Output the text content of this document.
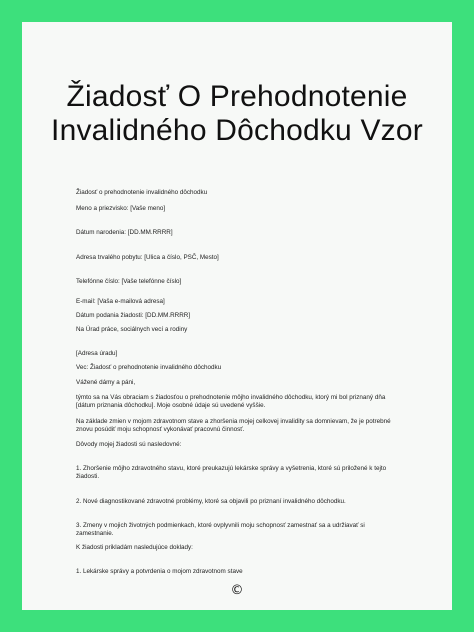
Žiadosť O Prehodnotenie
Invalidného Dôchodku Vzor

Žiadosť o prehodnotenie invalidného dôchodku

Meno a priezvisko: [Vaše meno]

Dátum narodenia: [DD.MM.RRRR]

Adresa trvalého pobytu: [Ulica a číslo, PSČ, Mesto]

Telefónne číslo: [Vaše telefónne číslo]

E-mail: [Vaša e-mailová adresa]

Dátum podania žiadosti: [DD.MM.RRRR]

Na Úrad práce, sociálnych vecí a rodiny

[Adresa úradu]

Vec: Žiadosť o prehodnotenie invalidného dôchodku

Vážené dámy a páni,

týmto sa na Vás obraciam s žiadosťou o prehodnotenie môjho invalidného dôchodku, ktorý mi bol priznaný dňa [dátum priznania dôchodku]. Moje osobné údaje sú uvedené vyššie.

Na základe zmien v mojom zdravotnom stave a zhoršenia mojej celkovej invalidity sa domnievam, že je potrebné znovu posúdiť moju schopnosť vykonávať pracovnú činnosť.

Dôvody mojej žiadosti sú nasledovné:

1. Zhoršenie môjho zdravotného stavu, ktoré preukazujú lekárske správy a vyšetrenia, ktoré sú priložené k tejto žiadosti.

2. Nové diagnostikované zdravotné problémy, ktoré sa objavili po priznaní invalidného dôchodku.

3. Zmeny v mojich životných podmienkach, ktoré ovplyvnili moju schopnosť zamestnať sa a udržiavať si zamestnanie.

K žiadosti prikladám nasledujúce doklady:

1. Lekárske správy a potvrdenia o mojom zdravotnom stave

©
